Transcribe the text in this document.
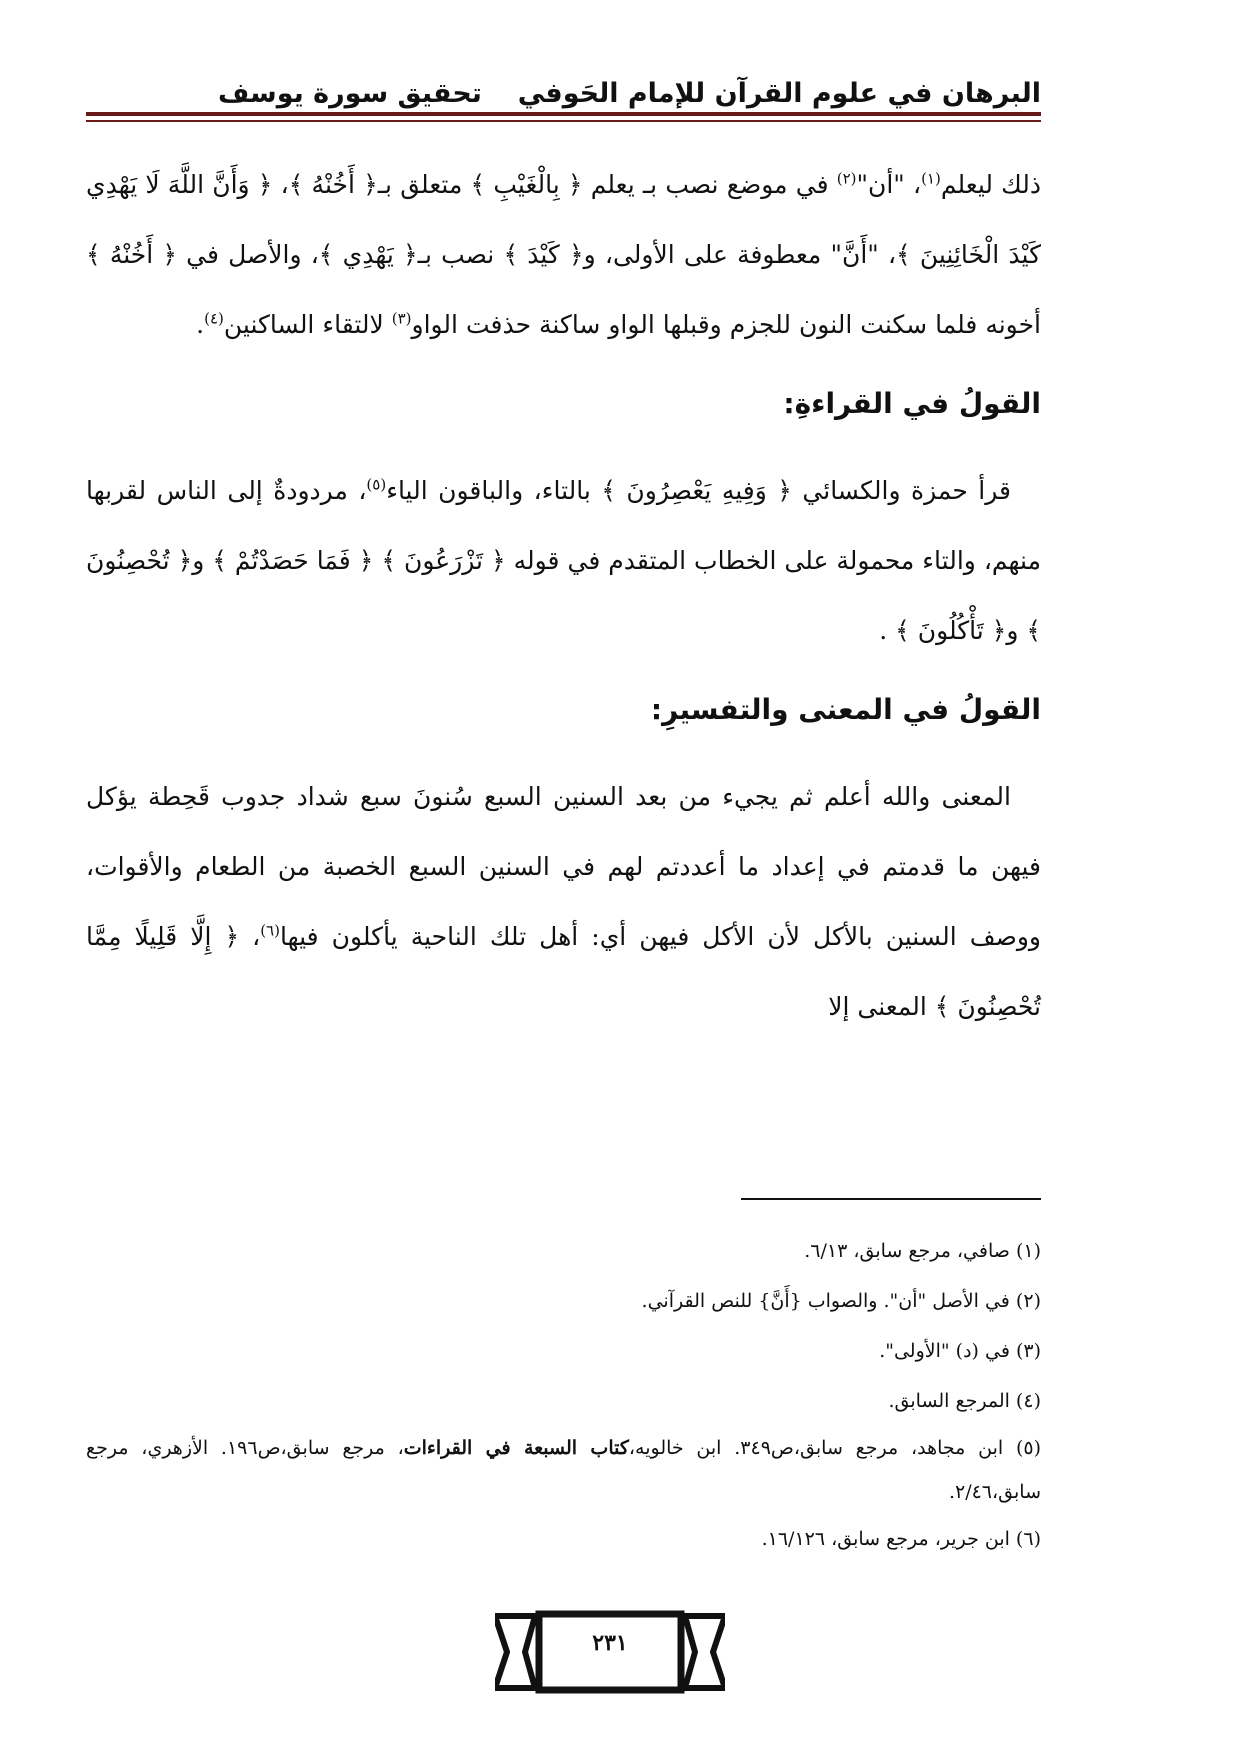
البرهان في علوم القرآن للإمام الحَوفي
تحقيق سورة يوسف

ذلك ليعلم$^{(١)}$، "أن"$^{(٢)}$ في موضع نصب بـ يعلم ﴿ بِالْغَيْبِ ﴾ متعلق بـ﴿ أَخُنْهُ ﴾، ﴿ وَأَنَّ اللَّهَ لَا يَهْدِي كَيْدَ الْخَائِنِينَ ﴾، "أَنَّ" معطوفة على الأولى، و﴿ كَيْدَ ﴾ نصب بـ﴿ يَهْدِي ﴾، والأصل في ﴿ أَخُنْهُ ﴾ أخونه فلما سكنت النون للجزم وقبلها الواو ساكنة حذفت الواو$^{(٣)}$ لالتقاء الساكنين$^{(٤)}$.

القولُ في القراءةِ:

قرأ حمزة والكسائي ﴿ وَفِيهِ يَعْصِرُونَ ﴾ بالتاء، والباقون الياء$^{(٥)}$، مردودةٌ إلى الناس لقربها منهم، والتاء محمولة على الخطاب المتقدم في قوله ﴿ تَزْرَعُونَ ﴾ ﴿ فَمَا حَصَدْتُمْ ﴾ و﴿ تُحْصِنُونَ ﴾ و﴿ تَأْكُلُونَ ﴾ .

القولُ في المعنى والتفسيرِ:

المعنى والله أعلم ثم يجيء من بعد السنين السبع سُنونَ سبع شداد جدوب قَحِطة يؤكل فيهن ما قدمتم في إعداد ما أعددتم لهم في السنين السبع الخصبة من الطعام والأقوات، ووصف السنين بالأكل لأن الأكل فيهن أي: أهل تلك الناحية يأكلون فيها$^{(٦)}$، ﴿ إِلَّا قَلِيلًا مِمَّا تُحْصِنُونَ ﴾ المعنى إلا

(١) صافي، مرجع سابق، ٦/١٣.

(٢) في الأصل "أن". والصواب {أَنَّ} للنص القرآني.

(٣) في (د) "الأولى".

(٤) المرجع السابق.

(٥) ابن مجاهد، مرجع سابق،ص٣٤٩. ابن خالويه،كتاب السبعة في القراءات، مرجع سابق،ص١٩٦. الأزهري، مرجع سابق،٢/٤٦.

(٦) ابن جرير، مرجع سابق، ١٦/١٢٦.

٢٣١
